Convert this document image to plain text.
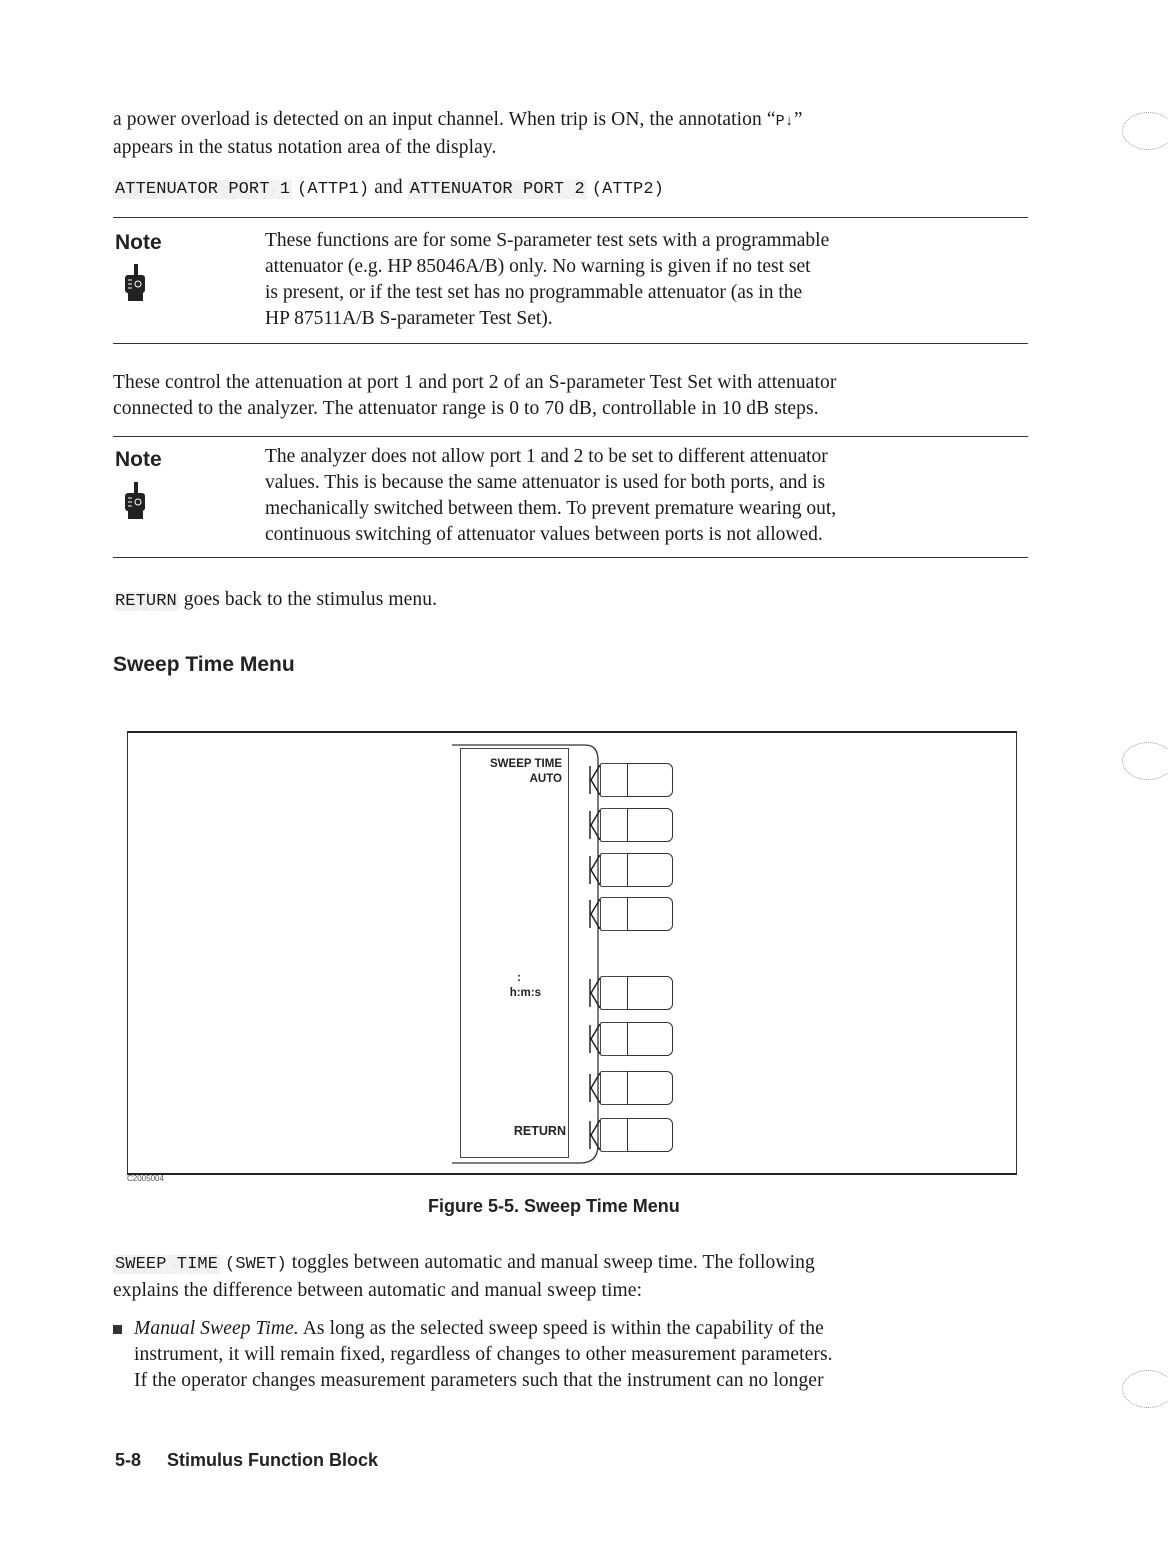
a power overload is detected on an input channel. When trip is ON, the annotation “P↓”
appears in the status notation area of the display.
ATTENUATOR PORT 1 (ATTP1) and ATTENUATOR PORT 2 (ATTP2)
Note	These functions are for some S-parameter test sets with a programmable
attenuator (e.g. HP 85046A/B) only. No warning is given if no test set
is present, or if the test set has no programmable attenuator (as in the
HP 87511A/B S-parameter Test Set).
These control the attenuation at port 1 and port 2 of an S-parameter Test Set with attenuator
connected to the analyzer. The attenuator range is 0 to 70 dB, controllable in 10 dB steps.
Note	The analyzer does not allow port 1 and 2 to be set to different attenuator
values. This is because the same attenuator is used for both ports, and is
mechanically switched between them. To prevent premature wearing out,
continuous switching of attenuator values between ports is not allowed.
RETURN goes back to the stimulus menu.
Sweep Time Menu
SWEEP TIME
AUTO
:
h:m:s
RETURN
C2005004
Figure 5-5. Sweep Time Menu
SWEEP TIME (SWET) toggles between automatic and manual sweep time. The following
explains the difference between automatic and manual sweep time:
Manual Sweep Time. As long as the selected sweep speed is within the capability of the
instrument, it will remain fixed, regardless of changes to other measurement parameters.
If the operator changes measurement parameters such that the instrument can no longer
5-8 Stimulus Function Block
